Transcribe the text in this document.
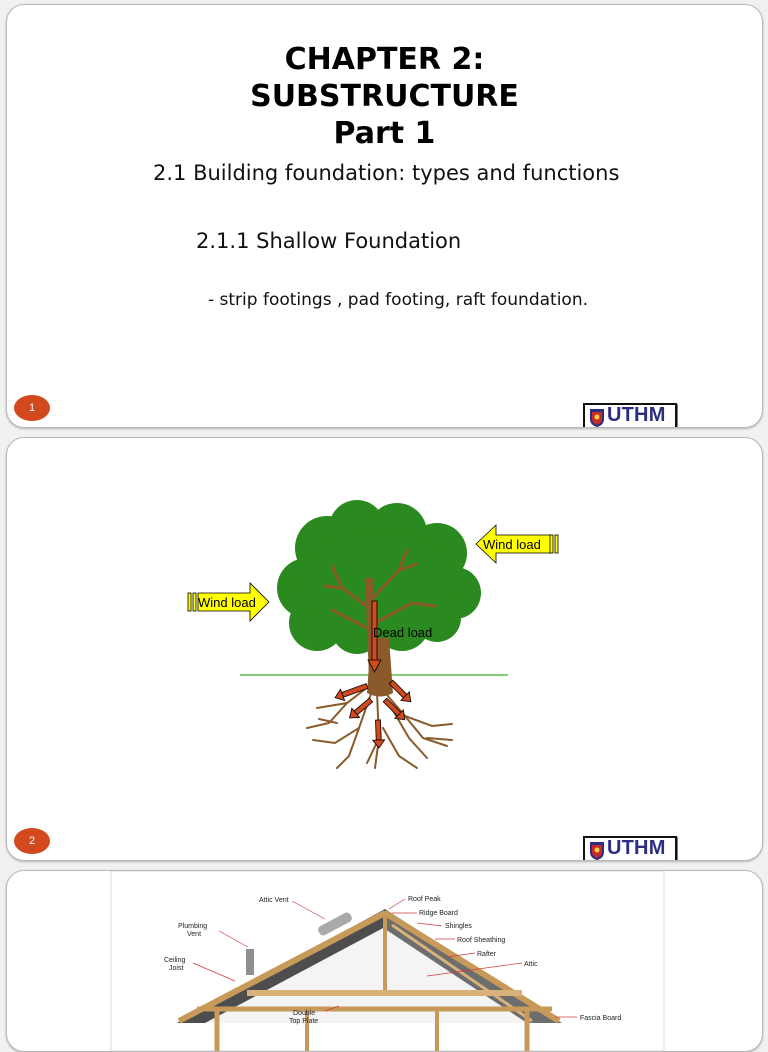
CHAPTER 2:
SUBSTRUCTURE
Part 1
2.1 Building foundation: types and functions
2.1.1 Shallow Foundation
- strip footings , pad footing, raft foundation.
1	UTHM
Wind load
Wind load
Dead load
2	UTHM
Attic Vent	Roof Peak
Ridge Board
Shingles
Roof Sheathing
Rafter
Attic
Plumbing
Vent
Ceiling
Joist
Double
Top Plate	Fascia Board
